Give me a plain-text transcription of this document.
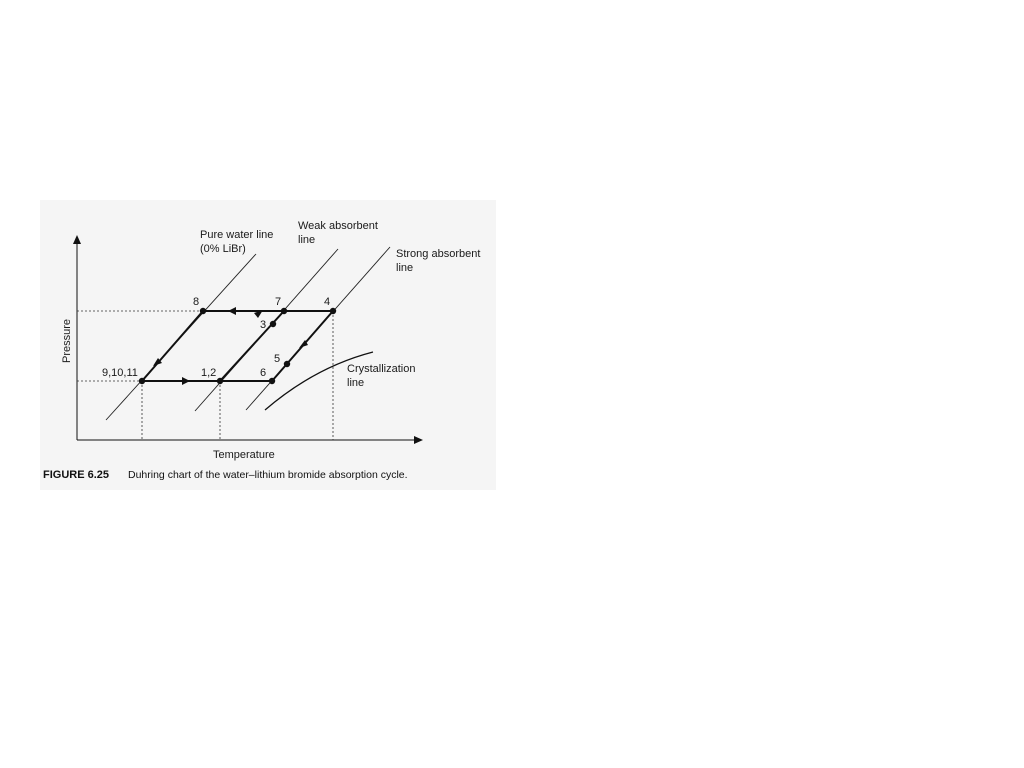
8	7	4
3
5
6
1,2
9,10,11
Pure water line
(0% LiBr)
Weak absorbent
line
Strong absorbent
line
Crystallization
line
Temperature
Pressure
FIGURE 6.25 Duhring chart of the water–lithium bromide absorption cycle.
